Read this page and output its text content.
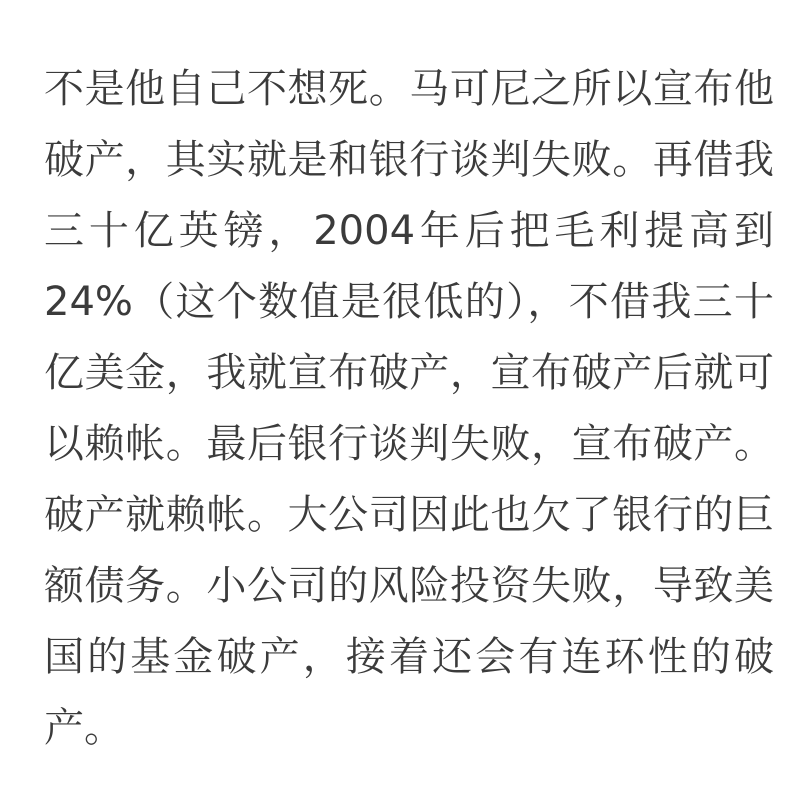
不是他自己不想死。马可尼之所以宣布他破产，其实就是和银行谈判失败。再借我三十亿英镑，2004年后把毛利提高到24%（这个数值是很低的），不借我三十亿美金，我就宣布破产，宣布破产后就可以赖帐。最后银行谈判失败，宣布破产。破产就赖帐。大公司因此也欠了银行的巨额债务。小公司的风险投资失败，导致美国的基金破产，接着还会有连环性的破产。
